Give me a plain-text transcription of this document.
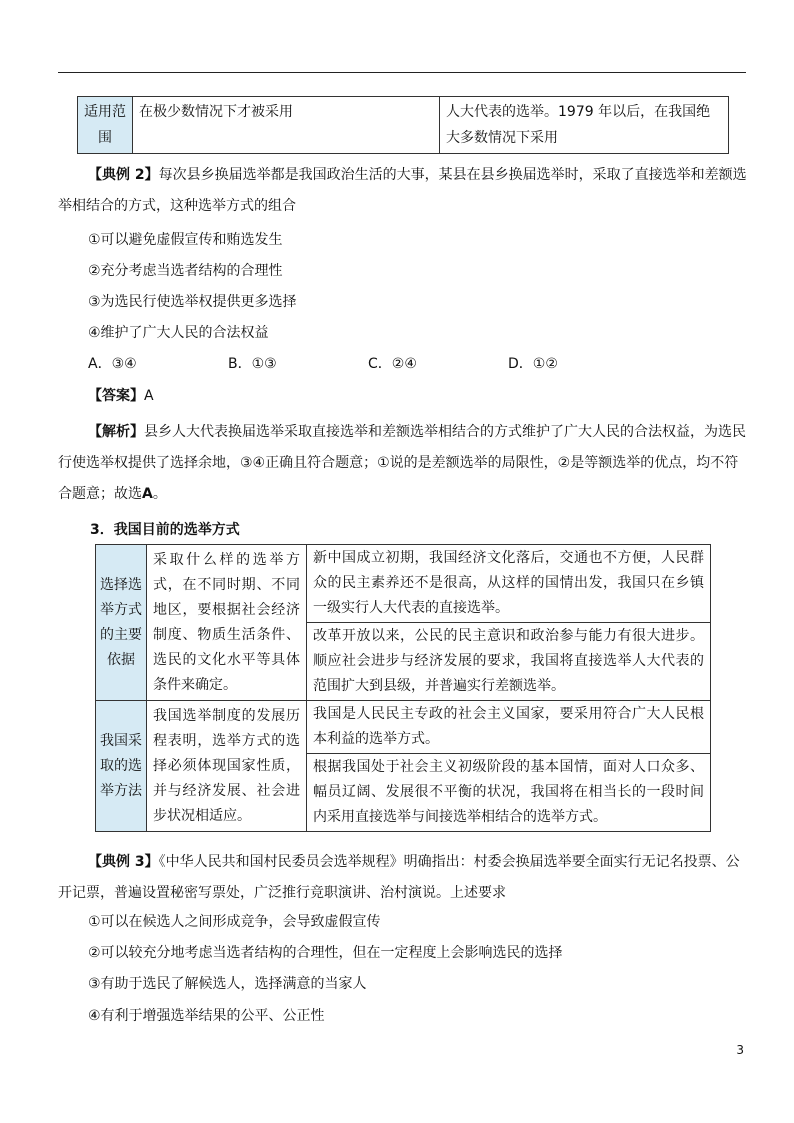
适用范围	在极少数情况下才被采用	人大代表的选举。1979 年以后，在我国绝大多数情况下采用

【典例 2】每次县乡换届选举都是我国政治生活的大事，某县在县乡换届选举时，采取了直接选举和差额选举相结合的方式，这种选举方式的组合

①可以避免虚假宣传和贿选发生
②充分考虑当选者结构的合理性
③为选民行使选举权提供更多选择
④维护了广大人民的合法权益
A．③④	B．①③	C．②④	D．①②
【答案】A

【解析】县乡人大代表换届选举采取直接选举和差额选举相结合的方式维护了广大人民的合法权益，为选民行使选举权提供了选择余地，③④正确且符合题意；①说的是差额选举的局限性，②是等额选举的优点，均不符合题意；故选A。

3．我国目前的选举方式
选择选举方式的主要依据	采取什么样的选举方式，在不同时期、不同地区，要根据社会经济制度、物质生活条件、选民的文化水平等具体条件来确定。	新中国成立初期，我国经济文化落后，交通也不方便，人民群众的民主素养还不是很高，从这样的国情出发，我国只在乡镇一级实行人大代表的直接选举。
		改革开放以来，公民的民主意识和政治参与能力有很大进步。顺应社会进步与经济发展的要求，我国将直接选举人大代表的范围扩大到县级，并普遍实行差额选举。
我国采取的选举方法	我国选举制度的发展历程表明，选举方式的选择必须体现国家性质，并与经济发展、社会进步状况相适应。	我国是人民民主专政的社会主义国家，要采用符合广大人民根本利益的选举方式。
		根据我国处于社会主义初级阶段的基本国情，面对人口众多、幅员辽阔、发展很不平衡的状况，我国将在相当长的一段时间内采用直接选举与间接选举相结合的选举方式。

【典例 3】《中华人民共和国村民委员会选举规程》明确指出：村委会换届选举要全面实行无记名投票、公开记票，普遍设置秘密写票处，广泛推行竞职演讲、治村演说。上述要求

①可以在候选人之间形成竞争，会导致虚假宣传
②可以较充分地考虑当选者结构的合理性，但在一定程度上会影响选民的选择
③有助于选民了解候选人，选择满意的当家人
④有利于增强选举结果的公平、公正性
3
